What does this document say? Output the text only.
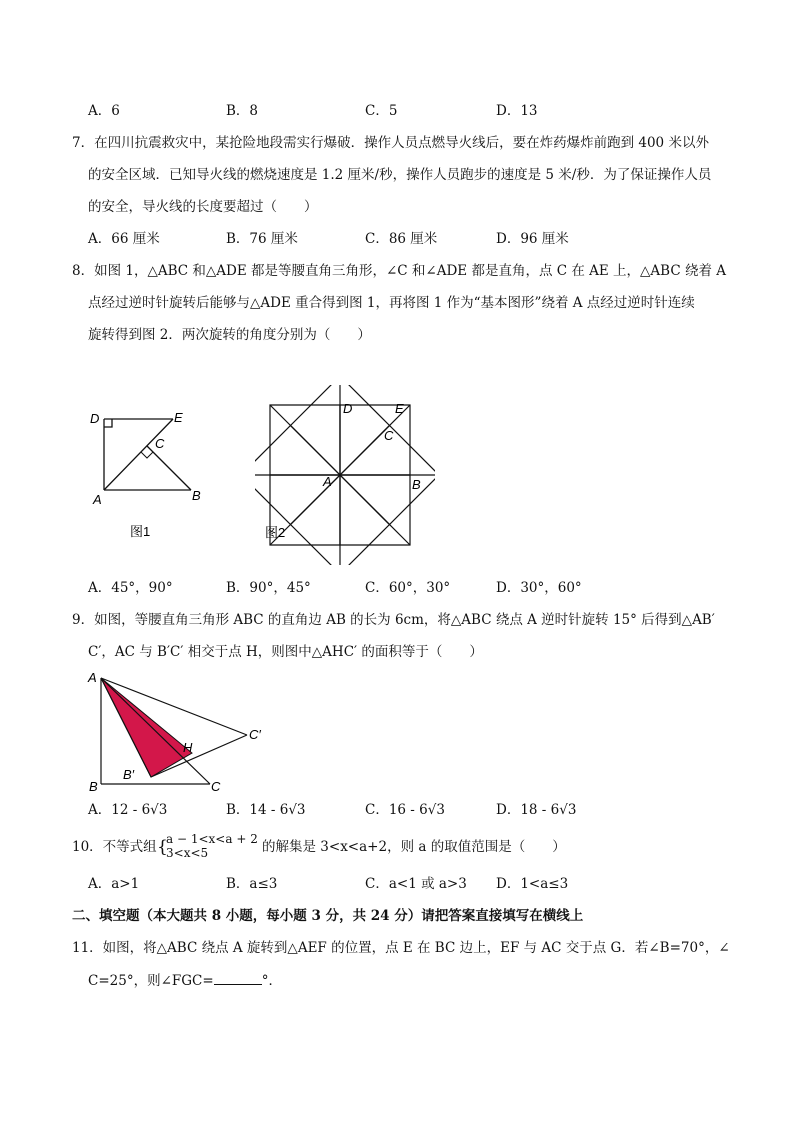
A．6	B．8	C．5	D．13
7．在四川抗震救灾中，某抢险地段需实行爆破．操作人员点燃导火线后，要在炸药爆炸前跑到 400 米以外
的安全区域．已知导火线的燃烧速度是 1.2 厘米/秒，操作人员跑步的速度是 5 米/秒．为了保证操作人员
的安全，导火线的长度要超过（　　）
A．66 厘米	B．76 厘米	C．86 厘米	D．96 厘米
8．如图 1，△ABC 和△ADE 都是等腰直角三角形，∠C 和∠ADE 都是直角，点 C 在 AE 上，△ABC 绕着 A
点经过逆时针旋转后能够与△ADE 重合得到图 1，再将图 1 作为“基本图形”绕着 A 点经过逆时针连续
旋转得到图 2．两次旋转的角度分别为（　　）
D	E
C
A	B
图1
D	E
C
A	B
图2
A．45°，90°	B．90°，45°	C．60°，30°	D．30°，60°
9．如图，等腰直角三角形 ABC 的直角边 AB 的长为 6cm，将△ABC 绕点 A 逆时针旋转 15° 后得到△AB′
C′，AC 与 B′C′ 相交于点 H，则图中△AHC′ 的面积等于（　　）
A
B	C
B′
C′
H
A．12 - 6√3	B．14 - 6√3	C．16 - 6√3	D．18 - 6√3
10．不等式组 {
a − 1<x<a + 2
3<x<5	的解集是 3<x<a+2，则 a 的取值范围是（　　）
A．a>1	B．a≤3	C．a<1 或 a>3 D．1<a≤3
二、填空题（本大题共 8 小题，每小题 3 分，共 24 分）请把答案直接填写在横线上
11．如图，将△ABC 绕点 A 旋转到△AEF 的位置，点 E 在 BC 边上，EF 与 AC 交于点 G．若∠B=70°，∠
C=25°，则∠FGC=	°．
